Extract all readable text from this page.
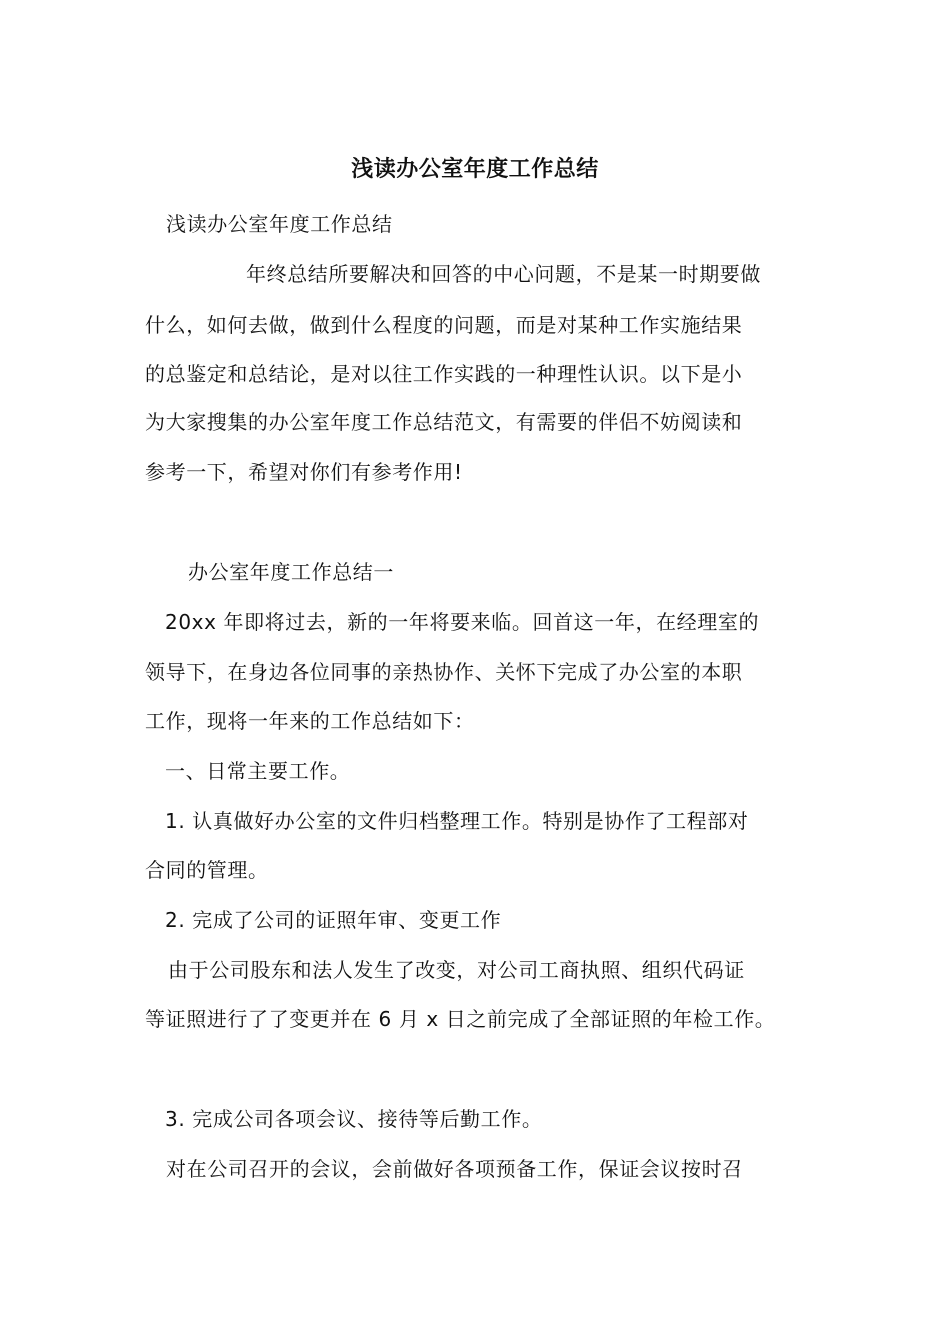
浅读办公室年度工作总结
浅读办公室年度工作总结
年终总结所要解决和回答的中心问题，不是某一时期要做
什么，如何去做，做到什么程度的问题，而是对某种工作实施结果
的总鉴定和总结论，是对以往工作实践的一种理性认识。以下是小
为大家搜集的办公室年度工作总结范文，有需要的伴侣不妨阅读和
参考一下，希望对你们有参考作用!
办公室年度工作总结一
20xx 年即将过去，新的一年将要来临。回首这一年，在经理室的
领导下，在身边各位同事的亲热协作、关怀下完成了办公室的本职
工作，现将一年来的工作总结如下：
一、日常主要工作。
1. 认真做好办公室的文件归档整理工作。特别是协作了工程部对
合同的管理。
2. 完成了公司的证照年审、变更工作
由于公司股东和法人发生了改变，对公司工商执照、组织代码证
等证照进行了了变更并在 6 月 x 日之前完成了全部证照的年检工作。
3. 完成公司各项会议、接待等后勤工作。
对在公司召开的会议，会前做好各项预备工作，保证会议按时召
